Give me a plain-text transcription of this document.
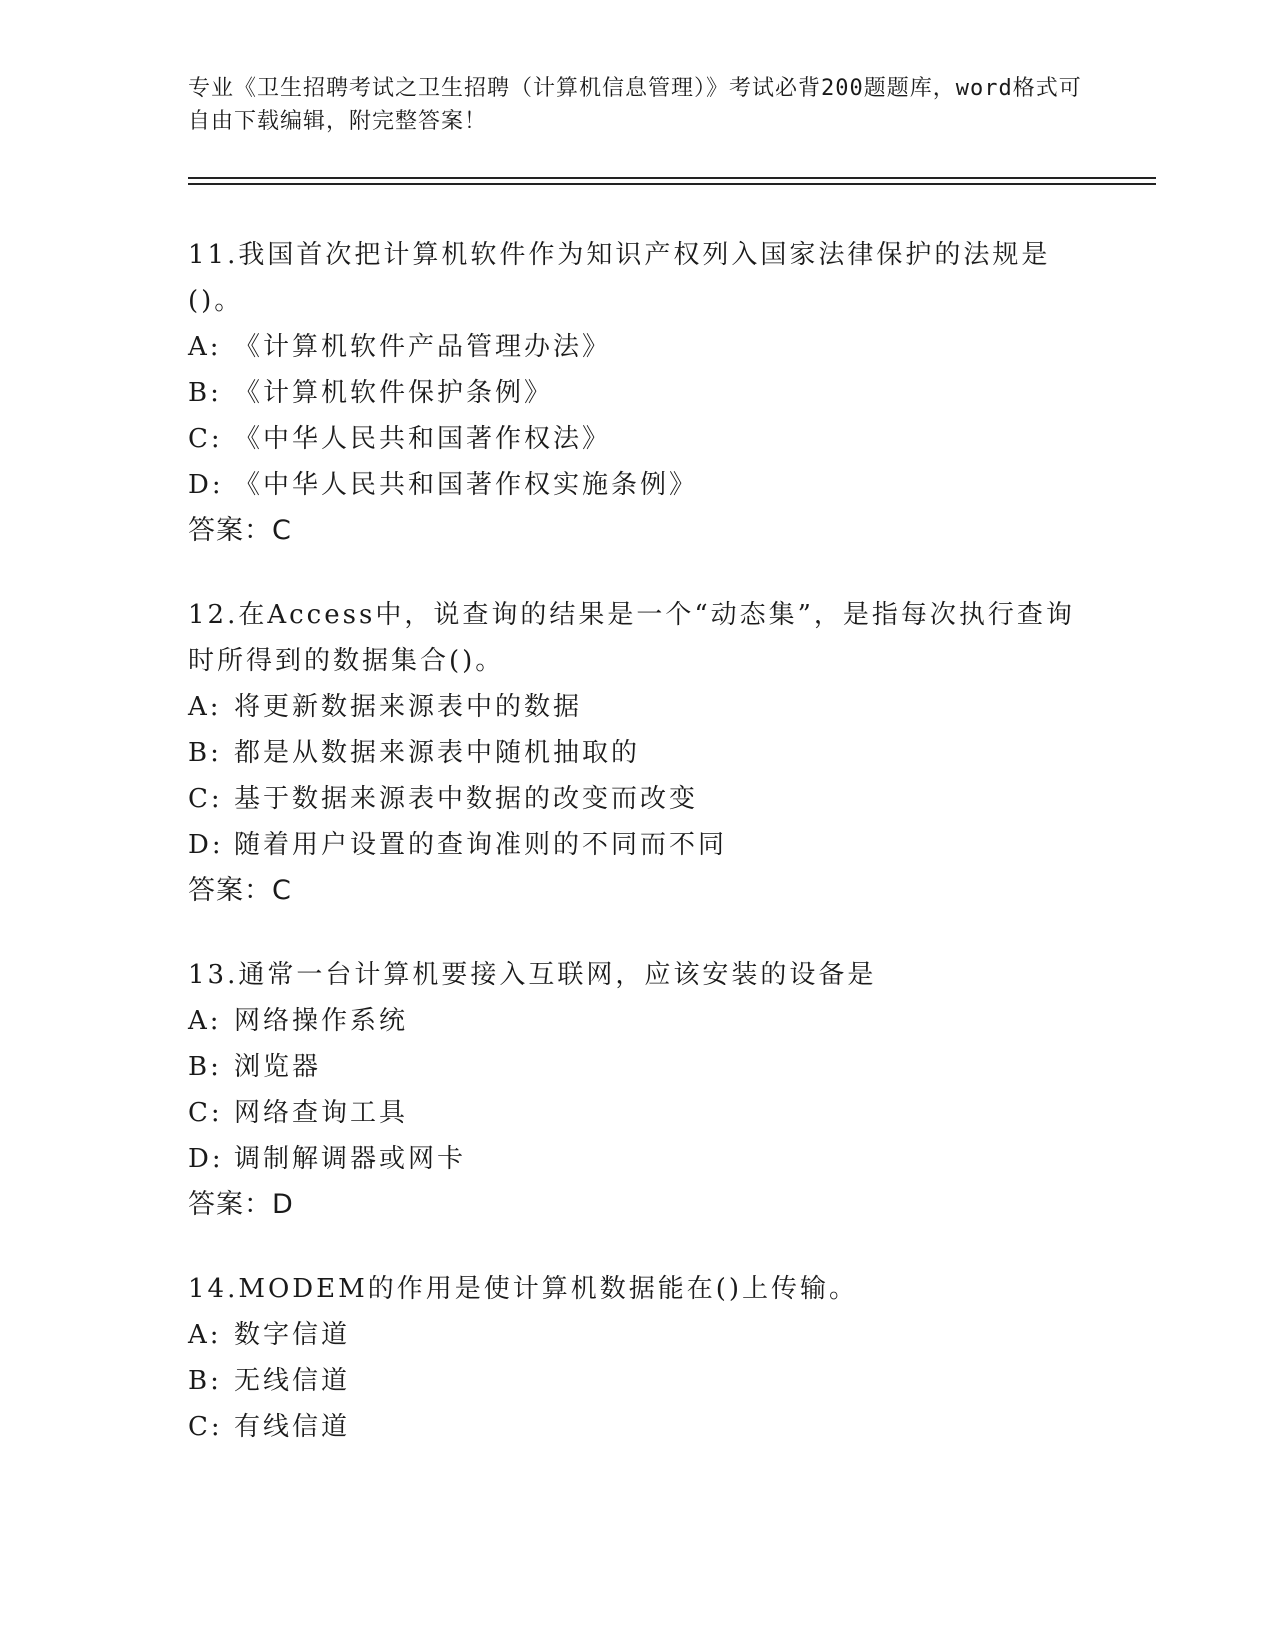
专业《卫生招聘考试之卫生招聘（计算机信息管理）》考试必背200题题库，word格式可自由下载编辑，附完整答案！
11.我国首次把计算机软件作为知识产权列入国家法律保护的法规是()。
A: 《计算机软件产品管理办法》
B: 《计算机软件保护条例》
C: 《中华人民共和国著作权法》
D: 《中华人民共和国著作权实施条例》
答案：C
12.在Access中，说查询的结果是一个“动态集”，是指每次执行查询时所得到的数据集合()。
A: 将更新数据来源表中的数据
B: 都是从数据来源表中随机抽取的
C: 基于数据来源表中数据的改变而改变
D: 随着用户设置的查询准则的不同而不同
答案：C
13.通常一台计算机要接入互联网，应该安装的设备是
A: 网络操作系统
B: 浏览器
C: 网络查询工具
D: 调制解调器或网卡
答案：D
14.MODEM的作用是使计算机数据能在()上传输。
A: 数字信道
B: 无线信道
C: 有线信道
